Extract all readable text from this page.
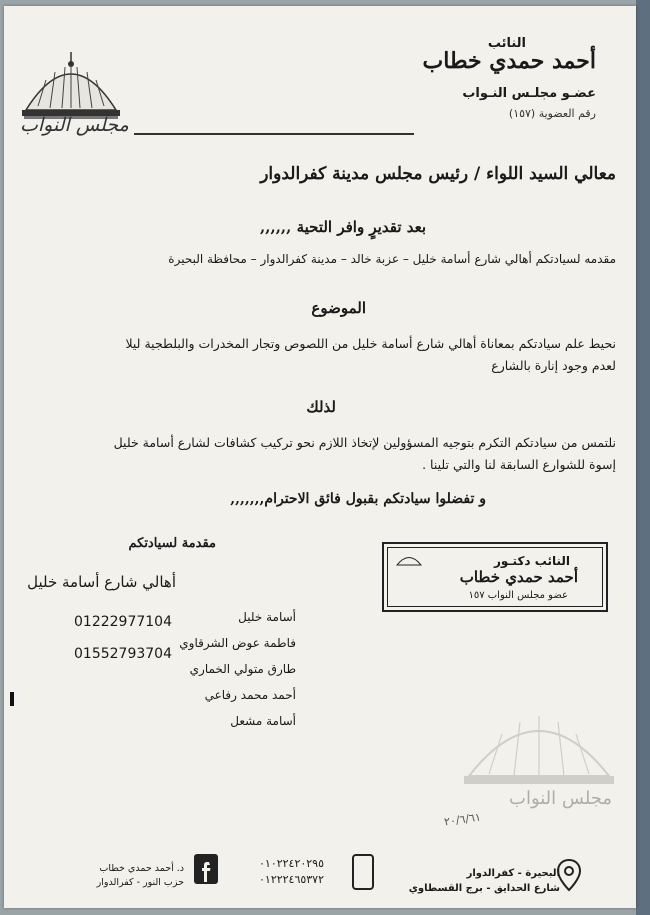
النائب
أحمد حمدي خطاب
عضـو مجلـس النـواب
رقم العضوية (١٥٧)
مجلس النواب
معالي السيد اللواء / رئيس مجلس مدينة كفرالدوار
بعد تقديرٍ وافر التحية ,,,,,,
مقدمه لسيادتكم أهالي شارع أسامة خليل – عزبة خالد – مدينة كفرالدوار – محافظة البحيرة
الموضوع
نحيط علم سيادتكم بمعاناة أهالي شارع أسامة خليل من اللصوص وتجار المخدرات والبلطجية ليلا
لعدم وجود إنارة بالشارع
لذلك
نلتمس من سيادتكم التكرم بتوجيه المسؤولين لإتخاذ اللازم نحو تركيب كشافات لشارع أسامة خليل
إسوة للشوارع السابقة لنا والتي تلينا .
و تفضلوا سيادتكم بقبول فائق الاحترام,,,,,,,
النائب دكتـور
أحمد حمدي خطاب
عضو مجلس النواب ١٥٧
مقدمة لسيادتكم
أهالي شارع أسامة خليل
أسامة خليل
فاطمة عوض الشرقاوي
طارق متولي الخماري
أحمد محمد رفاعي
أسامة مشعل
01222977104
01552793704
مجلس النواب
٢٠/٦/٦١
البحيرة - كفرالدوار
شارع الحدايق - برج القسطاوي
٠١٠٢٢٤٢٠٢٩٥
٠١٢٢٢٤٦٥٣٧٢
د. أحمد حمدي خطاب
حزب النور - كفرالدوار
